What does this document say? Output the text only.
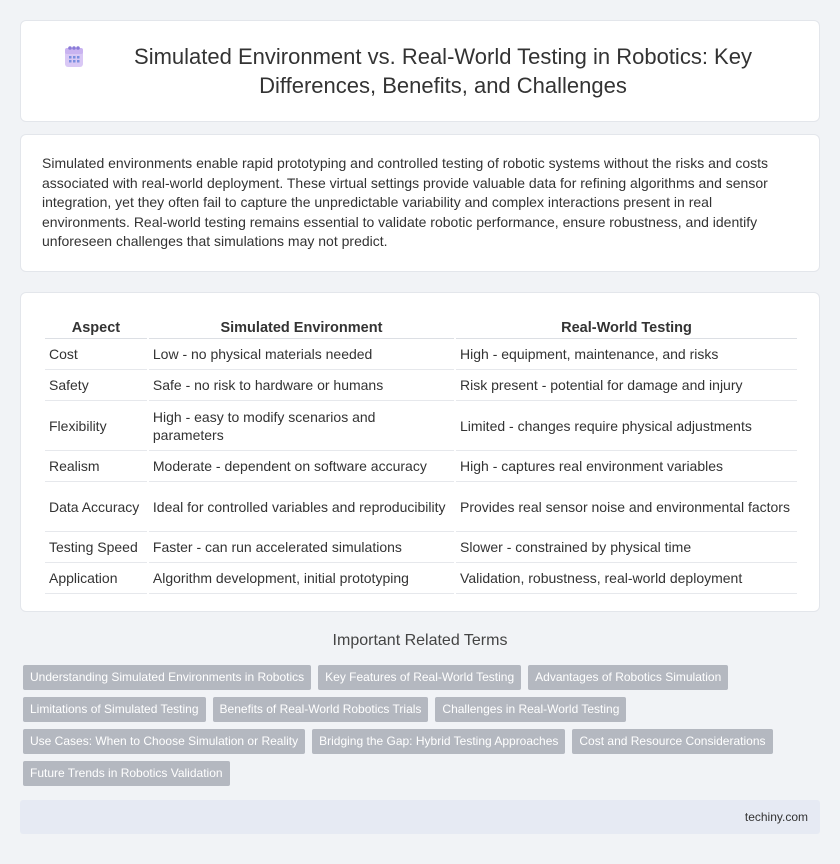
Simulated Environment vs. Real-World Testing in Robotics: Key Differences, Benefits, and Challenges

Simulated environments enable rapid prototyping and controlled testing of robotic systems without the risks and costs associated with real-world deployment. These virtual settings provide valuable data for refining algorithms and sensor integration, yet they often fail to capture the unpredictable variability and complex interactions present in real environments. Real-world testing remains essential to validate robotic performance, ensure robustness, and identify unforeseen challenges that simulations may not predict.

Aspect	Simulated Environment	Real-World Testing
Cost	Low - no physical materials needed	High - equipment, maintenance, and risks
Safety	Safe - no risk to hardware or humans	Risk present - potential for damage and injury
Flexibility	High - easy to modify scenarios and parameters	Limited - changes require physical adjustments
Realism	Moderate - dependent on software accuracy	High - captures real environment variables
Data Accuracy	Ideal for controlled variables and reproducibility	Provides real sensor noise and environmental factors
Testing Speed	Faster - can run accelerated simulations	Slower - constrained by physical time
Application	Algorithm development, initial prototyping	Validation, robustness, real-world deployment
Important Related Terms
Understanding Simulated Environments in Robotics	Key Features of Real-World Testing	Advantages of Robotics Simulation
Limitations of Simulated Testing	Benefits of Real-World Robotics Trials	Challenges in Real-World Testing
Use Cases: When to Choose Simulation or Reality	Bridging the Gap: Hybrid Testing Approaches	Cost and Resource Considerations
Future Trends in Robotics Validation
techiny.com
